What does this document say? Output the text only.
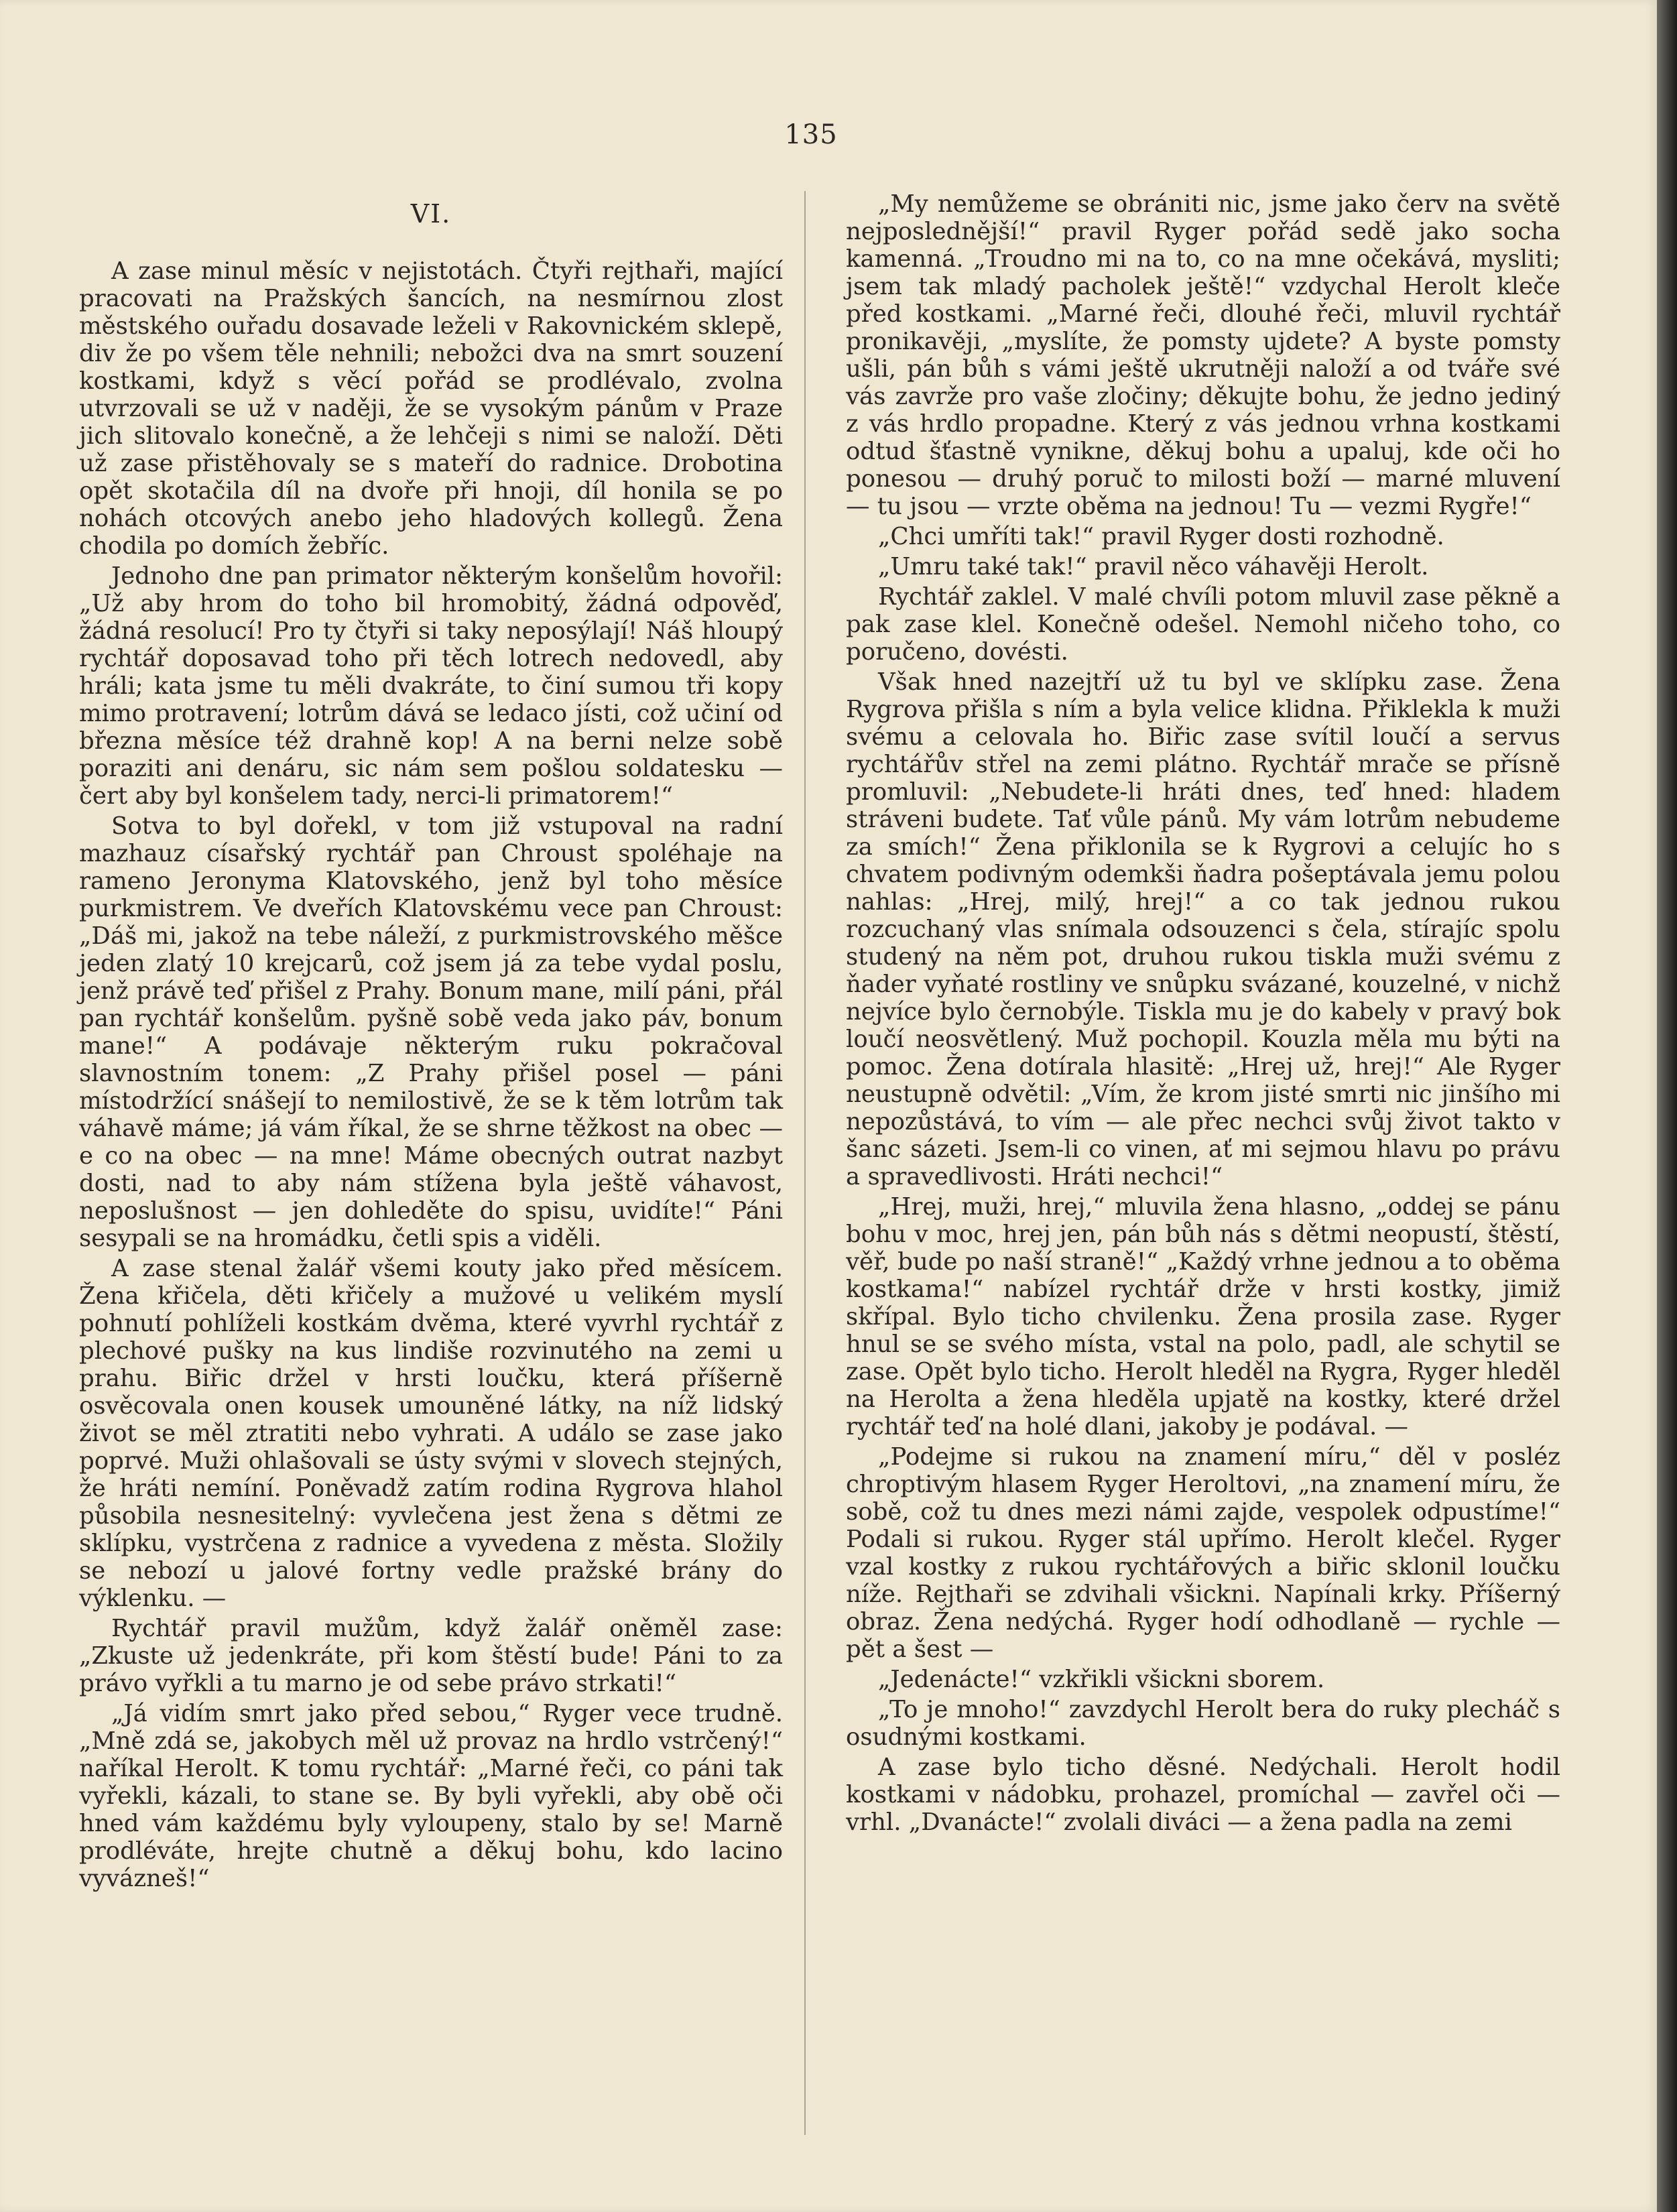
135
VI.

A zase minul měsíc v nejistotách. Čtyři rejthaři, mající pracovati na Pražských šancích, na nesmírnou zlost městského ouřadu dosavade leželi v Rakovnickém sklepě, div že po všem těle nehnili; nebožci dva na smrt souzení kostkami, když s věcí pořád se prodlévalo, zvolna utvrzovali se už v naději, že se vysokým pánům v Praze jich slitovalo konečně, a že lehčeji s nimi se naloží. Děti už zase přistěhovaly se s mateří do radnice. Drobotina opět skotačila díl na dvoře při hnoji, díl honila se po nohách otcových anebo jeho hladových kollegů. Žena chodila po domích žebříc.

Jednoho dne pan primator některým konšelům hovořil: „Už aby hrom do toho bil hromobitý, žádná odpověď, žádná resolucí! Pro ty čtyři si taky neposýlají! Náš hloupý rychtář doposavad toho při těch lotrech nedovedl, aby hráli; kata jsme tu měli dvakráte, to činí sumou tři kopy mimo protravení; lotrům dává se ledaco jísti, což učiní od března měsíce též drahně kop! A na berni nelze sobě poraziti ani denáru, sic nám sem pošlou soldatesku — čert aby byl konšelem tady, nerci-li primatorem!“

Sotva to byl dořekl, v tom již vstupoval na radní mazhauz císařský rychtář pan Chroust spoléhaje na rameno Jeronyma Klatovského, jenž byl toho měsíce purkmistrem. Ve dveřích Klatovskému vece pan Chroust: „Dáš mi, jakož na tebe náleží, z purkmistrovského měšce jeden zlatý 10 krejcarů, což jsem já za tebe vydal poslu, jenž právě teď přišel z Prahy. Bonum mane, milí páni, přál pan rychtář konšelům. pyšně sobě veda jako páv, bonum mane!“ A podávaje některým ruku pokračoval slavnostním tonem: „Z Prahy přišel posel — páni místodržící snášejí to nemilostivě, že se k těm lotrům tak váhavě máme; já vám říkal, že se shrne těžkost na obec — e co na obec — na mne! Máme obecných outrat nazbyt dosti, nad to aby nám stížena byla ještě váhavost, neposlušnost — jen dohleděte do spisu, uvidíte!“ Páni sesypali se na hromádku, četli spis a viděli.

A zase stenal žalář všemi kouty jako před měsícem. Žena křičela, děti křičely a mužové u velikém myslí pohnutí pohlíželi kostkám dvěma, které vyvrhl rychtář z plechové pušky na kus lindiše rozvinutého na zemi u prahu. Biřic držel v hrsti loučku, která příšerně osvěcovala onen kousek umouněné látky, na níž lidský život se měl ztratiti nebo vyhrati. A událo se zase jako poprvé. Muži ohlašovali se ústy svými v slovech stejných, že hráti nemíní. Poněvadž zatím rodina Rygrova hlahol působila nesnesitelný: vyvlečena jest žena s dětmi ze sklípku, vystrčena z radnice a vyvedena z města. Složily se nebozí u jalové fortny vedle pražské brány do výklenku. —

Rychtář pravil mužům, když žalář oněměl zase: „Zkuste už jedenkráte, při kom štěstí bude! Páni to za právo vyřkli a tu marno je od sebe právo strkati!“

„Já vidím smrt jako před sebou,“ Ryger vece trudně. „Mně zdá se, jakobych měl už provaz na hrdlo vstrčený!“ naříkal Herolt. K tomu rychtář: „Marné řeči, co páni tak vyřekli, kázali, to stane se. By byli vyřekli, aby obě oči hned vám každému byly vyloupeny, stalo by se! Marně prodléváte, hrejte chutně a děkuj bohu, kdo lacino vyváznеš!“

„My nemůžeme se obrániti nic, jsme jako červ na světě nejposlednější!“ pravil Ryger pořád sedě jako socha kamenná. „Troudno mi na to, co na mne očekává, mysliti; jsem tak mladý pacholek ještě!“ vzdychal Herolt kleče před kostkami. „Marné řeči, dlouhé řeči, mluvil rychtář pronikavěji, „myslíte, že pomsty ujdete? A byste pomsty ušli, pán bůh s vámi ještě ukrutněji naloží a od tváře své vás zavrže pro vaše zločiny; děkujte bohu, že jedno jediný z vás hrdlo propadne. Který z vás jednou vrhna kostkami odtud šťastně vynikne, děkuj bohu a upaluj, kde oči ho ponesou — druhý poruč to milosti boží — marné mluvení — tu jsou — vrzte oběma na jednou! Tu — vezmi Rygře!“

„Chci umříti tak!“ pravil Ryger dosti rozhodně.

„Umru také tak!“ pravil něco váhavěji Herolt.

Rychtář zaklel. V malé chvíli potom mluvil zase pěkně a pak zase klel. Konečně odešel. Nemohl ničeho toho, co poručeno, dovésti.

Však hned nazejtří už tu byl ve sklípku zase. Žena Rygrova přišla s ním a byla velice klidna. Přiklekla k muži svému a celovala ho. Biřic zase svítil loučí a servus rychtářův střel na zemi plátno. Rychtář mrače se přísně promluvil: „Nebudete-li hráti dnes, teď hned: hladem stráveni budete. Tať vůle pánů. My vám lotrům nebudeme za smích!“ Žena přiklonila se k Rygrovi a celujíc ho s chvatem podivným odemkši ňadra pošeptávala jemu polou nahlas: „Hrej, milý, hrej!“ a co tak jednou rukou rozcuchaný vlas snímala odsouzenci s čela, stírajíc spolu studený na něm pot, druhou rukou tiskla muži svému z ňader vyňaté rostliny ve snůpku svázané, kouzelné, v nichž nejvíce bylo černobýle. Tiskla mu je do kabely v pravý bok loučí neosvětlený. Muž pochopil. Kouzla měla mu býti na pomoc. Žena dotírala hlasitě: „Hrej už, hrej!“ Ale Ryger neustupně odvětil: „Vím, že krom jisté smrti nic jinšího mi nepozůstává, to vím — ale přec nechci svůj život takto v šanc sázeti. Jsem-li co vinen, ať mi sejmou hlavu po právu a spravedlivosti. Hráti nechci!“

„Hrej, muži, hrej,“ mluvila žena hlasno, „oddej se pánu bohu v moc, hrej jen, pán bůh nás s dětmi neopustí, štěstí, věř, bude po naší straně!“ „Každý vrhne jednou a to oběma kostkama!“ nabízel rychtář drže v hrsti kostky, jimiž skřípal. Bylo ticho chvilenku. Žena prosila zase. Ryger hnul se se svého místa, vstal na polo, padl, ale schytil se zase. Opět bylo ticho. Herolt hleděl na Rygra, Ryger hleděl na Herolta a žena hleděla upjatě na kostky, které držel rychtář teď na holé dlani, jakoby je podával. —

„Podejme si rukou na znamení míru,“ děl v posléz chroptivým hlasem Ryger Heroltovi, „na znamení míru, že sobě, což tu dnes mezi námi zajde, vespolek odpustíme!“ Podali si rukou. Ryger stál upřímo. Herolt klečel. Ryger vzal kostky z rukou rychtářových a biřic sklonil loučku níže. Rejthaři se zdvihali všickni. Napínali krky. Příšerný obraz. Žena nedýchá. Ryger hodí odhodlaně — rychle — pět a šest —

„Jedenácte!“ vzkřikli všickni sborem.

„To je mnoho!“ zavzdychl Herolt bera do ruky plecháč s osudnými kostkami.

A zase bylo ticho děsné. Nedýchali. Herolt hodil kostkami v nádobku, prohazel, promíchal — zavřel oči — vrhl. „Dvanácte!“ zvolali diváci — a žena padla na zemi
